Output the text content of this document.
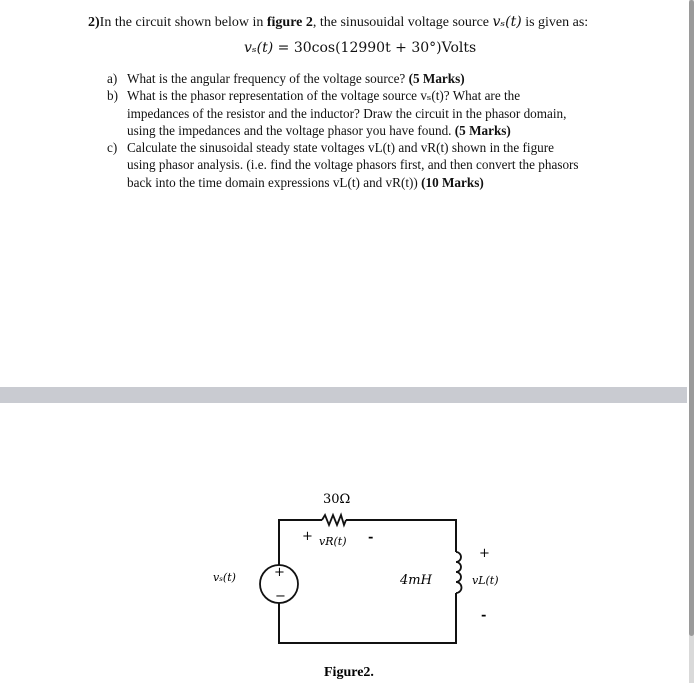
2)In the circuit shown below in figure 2, the sinusouidal voltage source vₛ(t) is given as:
vₛ(t) = 30cos(12990t + 30°)Volts
a) What is the angular frequency of the voltage source? (5 Marks)
b) What is the phasor representation of the voltage source vₛ(t)? What are the
impedances of the resistor and the inductor? Draw the circuit in the phasor domain,
using the impedances and the voltage phasor you have found. (5 Marks)
c) Calculate the sinusoidal steady state voltages vL(t) and vR(t) shown in the figure
using phasor analysis. (i.e. find the voltage phasors first, and then convert the phasors
back into the time domain expressions vL(t) and vR(t)) (10 Marks)
30Ω
+ vR(t) -
vₛ(t)	+
−
4mH
+
vL(t)
-
Figure2.
